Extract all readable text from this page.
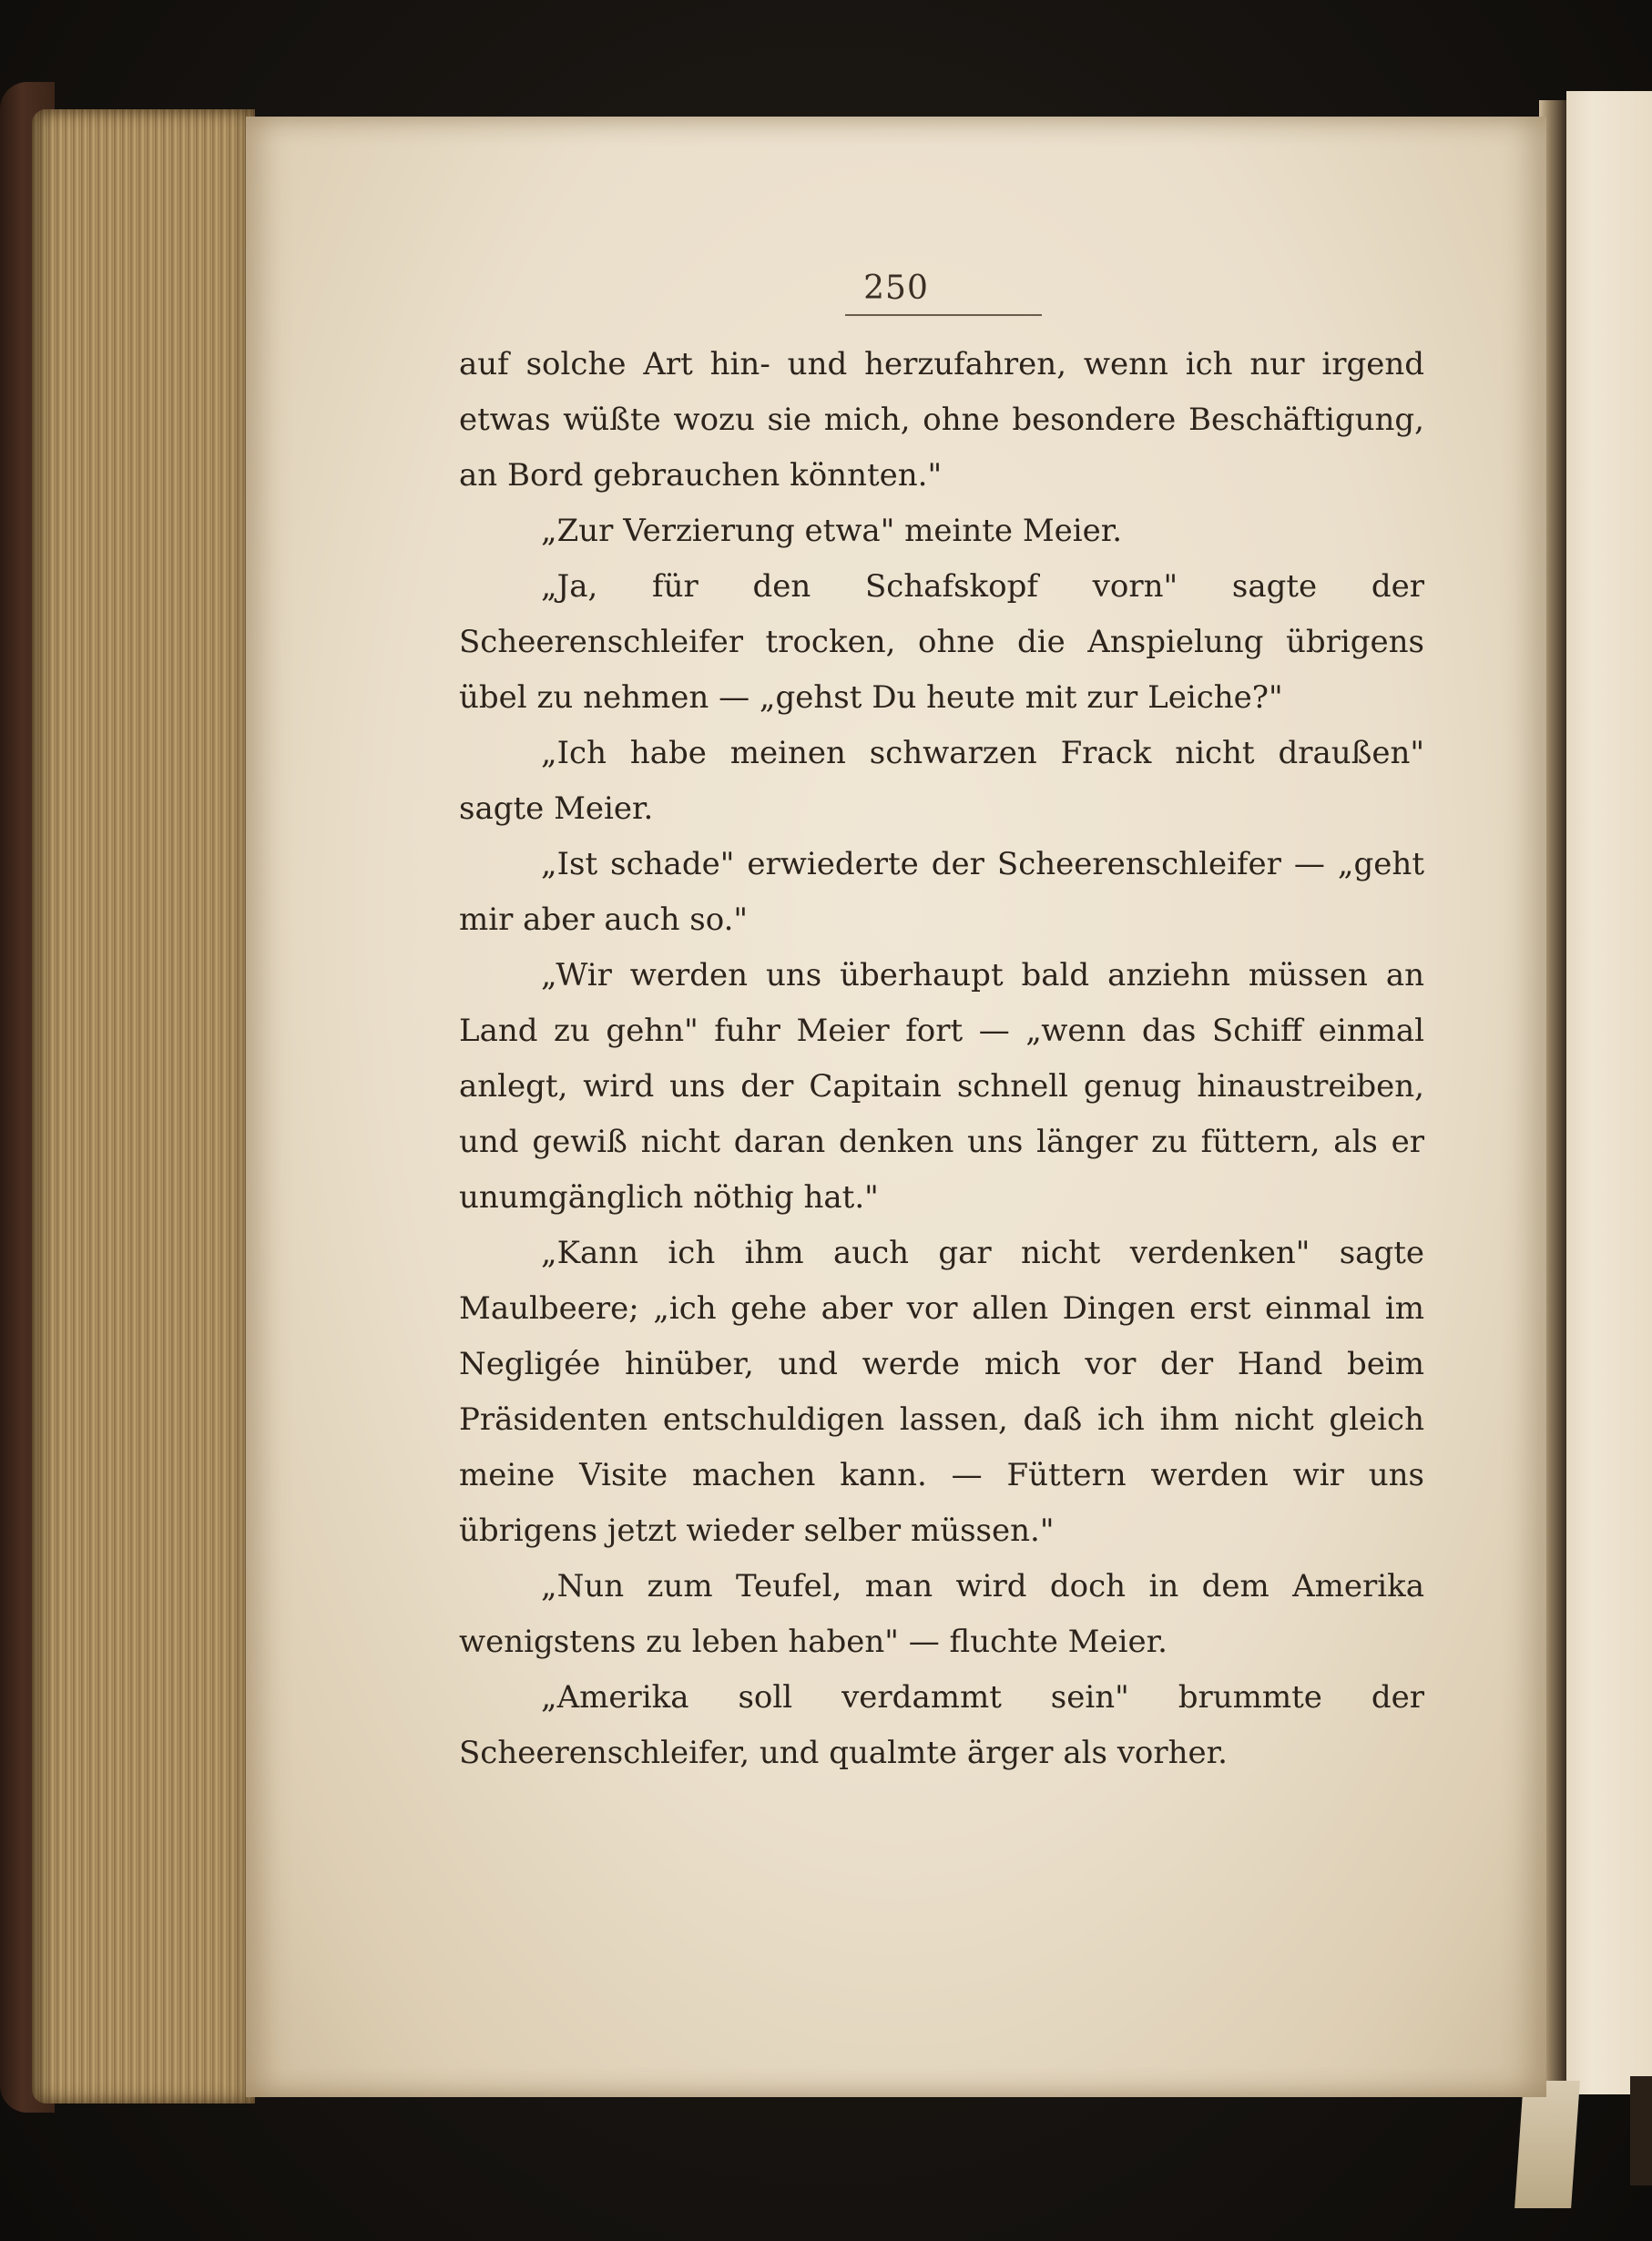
250

auf solche Art hin- und herzufahren, wenn ich nur irgend etwas wüßte wozu sie mich, ohne besondere Beschäftigung, an Bord gebrauchen könnten."

„Zur Verzierung etwa" meinte Meier.

„Ja, für den Schafskopf vorn" sagte der Scheerenschleifer trocken, ohne die Anspielung übrigens übel zu nehmen — „gehst Du heute mit zur Leiche?"

„Ich habe meinen schwarzen Frack nicht draußen" sagte Meier.

„Ist schade" erwiederte der Scheerenschleifer — „geht mir aber auch so."

„Wir werden uns überhaupt bald anziehn müssen an Land zu gehn" fuhr Meier fort — „wenn das Schiff einmal anlegt, wird uns der Capitain schnell genug hinaustreiben, und gewiß nicht daran denken uns länger zu füttern, als er unumgänglich nöthig hat."

„Kann ich ihm auch gar nicht verdenken" sagte Maulbeere; „ich gehe aber vor allen Dingen erst einmal im Negligée hinüber, und werde mich vor der Hand beim Präsidenten entschuldigen lassen, daß ich ihm nicht gleich meine Visite machen kann. — Füttern werden wir uns übrigens jetzt wieder selber müssen."

„Nun zum Teufel, man wird doch in dem Amerika wenigstens zu leben haben" — fluchte Meier.

„Amerika soll verdammt sein" brummte der Scheerenschleifer, und qualmte ärger als vorher.
